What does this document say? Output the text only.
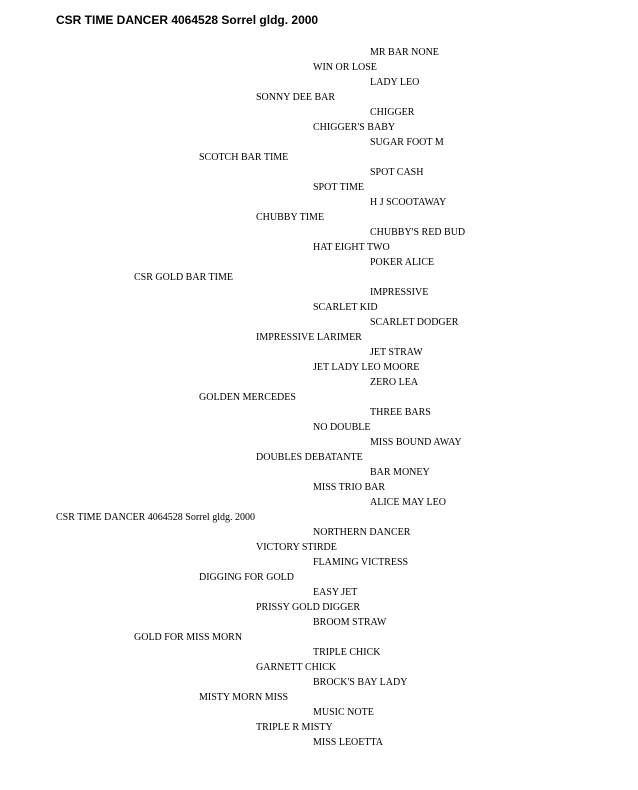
CSR TIME DANCER 4064528 Sorrel gldg. 2000
MR BAR NONE
WIN OR LOSE
LADY LEO
SONNY DEE BAR
CHIGGER
CHIGGER'S BABY
SUGAR FOOT M
SCOTCH BAR TIME
SPOT CASH
SPOT TIME
H J SCOOTAWAY
CHUBBY TIME
CHUBBY'S RED BUD
HAT EIGHT TWO
POKER ALICE
CSR GOLD BAR TIME
IMPRESSIVE
SCARLET KID
SCARLET DODGER
IMPRESSIVE LARIMER
JET STRAW
JET LADY LEO MOORE
ZERO LEA
GOLDEN MERCEDES
THREE BARS
NO DOUBLE
MISS BOUND AWAY
DOUBLES DEBATANTE
BAR MONEY
MISS TRIO BAR
ALICE MAY LEO
CSR TIME DANCER 4064528 Sorrel gldg. 2000
NORTHERN DANCER
VICTORY STIRDE
FLAMING VICTRESS
DIGGING FOR GOLD
EASY JET
PRISSY GOLD DIGGER
BROOM STRAW
GOLD FOR MISS MORN
TRIPLE CHICK
GARNETT CHICK
BROCK'S BAY LADY
MISTY MORN MISS
MUSIC NOTE
TRIPLE R MISTY
MISS LEOETTA
